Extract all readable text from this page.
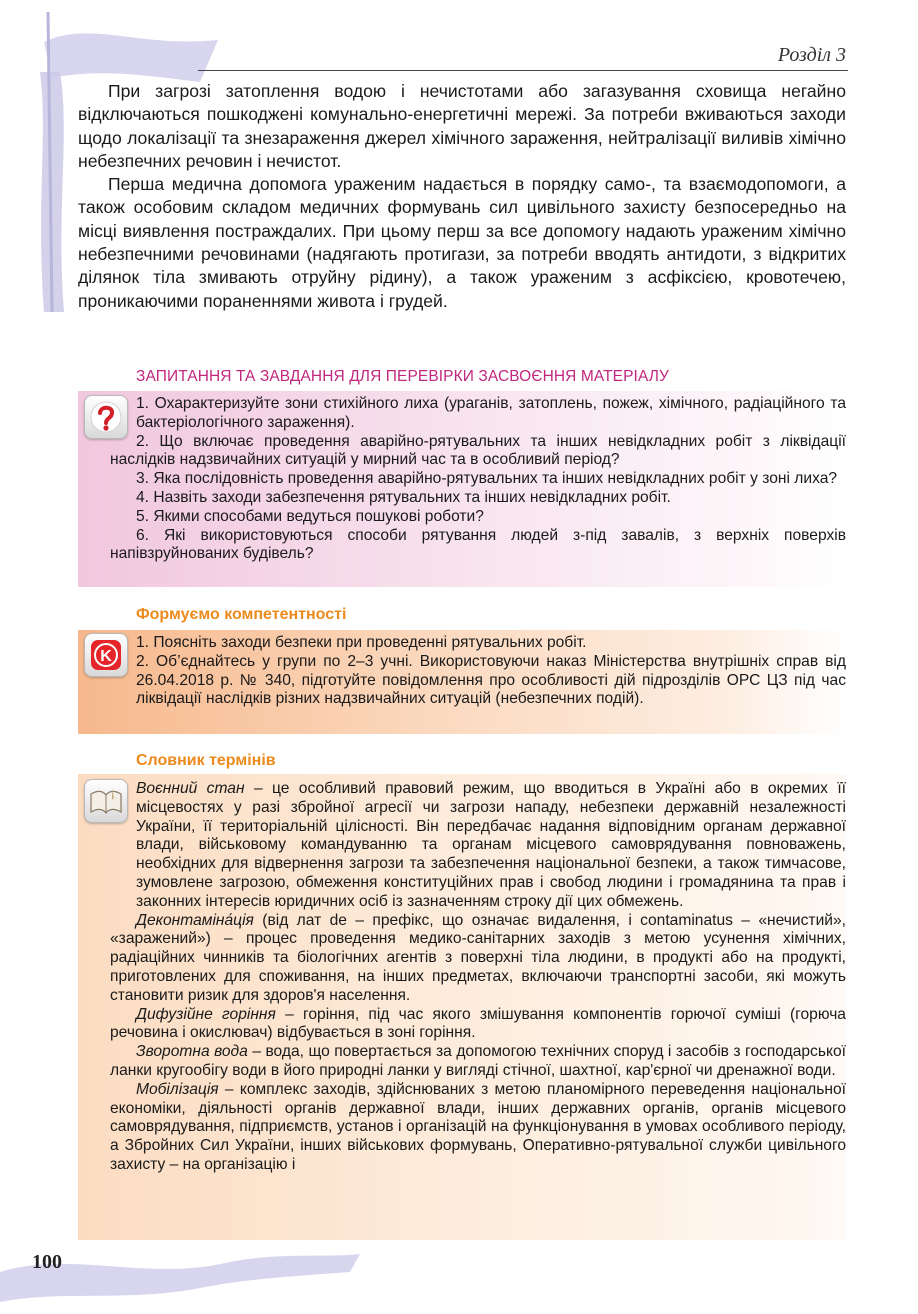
Розділ 3

При загрозі затоплення водою і нечистотами або загазування сховища негайно відключаються пошкоджені комунально-енергетичні мережі. За потреби вживаються заходи щодо локалізації та знезараження джерел хімічного зараження, нейтралізації виливів хімічно небезпечних речовин і нечистот.

Перша медична допомога ураженим надається в порядку само-, та взаємодопомоги, а також особовим складом медичних формувань сил цивільного захисту безпосередньо на місці виявлення постраждалих. При цьому перш за все допомогу надають ураженим хімічно небезпечними речовинами (надягають протигази, за потреби вводять антидоти, з відкритих ділянок тіла змивають отруйну рідину), а також ураженим з асфіксією, кровотечею, проникаючими пораненнями живота і грудей.

ЗАПИТАННЯ ТА ЗАВДАННЯ ДЛЯ ПЕРЕВІРКИ ЗАСВОЄННЯ МАТЕРІАЛУ
1. Охарактеризуйте зони стихійного лиха (ураганів, затоплень, пожеж, хімічного, радіаційного та бактеріологічного зараження).
2. Що включає проведення аварійно-рятувальних та інших невідкладних робіт з ліквідації наслідків надзвичайних ситуацій у мирний час та в особливий період?
3. Яка послідовність проведення аварійно-рятувальних та інших невідкладних робіт у зоні лиха?
4. Назвіть заходи забезпечення рятувальних та інших невідкладних робіт.
5. Якими способами ведуться пошукові роботи?
6. Які використовуються способи рятування людей з-під завалів, з верхніх поверхів напівзруйнованих будівель?
Формуємо компетентності
K
1. Поясніть заходи безпеки при проведенні рятувальних робіт.
2. Об’єднайтесь у групи по 2–3 учні. Використовуючи наказ Міністерства внутрішніх справ від 26.04.2018 р. № 340, підготуйте повідомлення про особливості дій підрозділів ОРС ЦЗ під час ліквідації наслідків різних надзвичайних ситуацій (небезпечних подій).
Словник термінів

Воєнний стан – це особливий правовий режим, що вводиться в Україні або в окремих її місцевостях у разі збройної агресії чи загрози нападу, небезпеки державній незалежності України, її територіальній цілісності. Він передбачає надання відповідним органам державної влади, військовому командуванню та органам місцевого самоврядування повноважень, необхідних для відвернення загрози та забезпечення національної безпеки, а також тимчасове, зумовлене загрозою, обмеження конституційних прав і свобод людини і громадянина та прав і законних інтересів юридичних осіб із зазначенням строку дії цих обмежень.

Деконтаміна́ція (від лат de – префікс, що означає видалення, і contaminatus – «нечистий», «заражений») – процес проведення медико-санітарних заходів з метою усунення хімічних, радіаційних чинників та біологічних агентів з поверхні тіла людини, в продукті або на продукті, приготовлених для споживання, на інших предметах, включаючи транспортні засоби, які можуть становити ризик для здоров'я населення.

Дифузійне горіння – горіння, під час якого змішування компонентів горючої суміші (горюча речовина і окислювач) відбувається в зоні горіння.

Зворотна вода – вода, що повертається за допомогою технічних споруд і засобів з господарської ланки кругообігу води в його природні ланки у вигляді стічної, шахтної, кар'єрної чи дренажної води.

Мобілізація – комплекс заходів, здійснюваних з метою планомірного переведення національної економіки, діяльності органів державної влади, інших державних органів, органів місцевого самоврядування, підприємств, установ і організацій на функціонування в умовах особливого періоду, а Збройних Сил України, інших військових формувань, Оперативно-рятувальної служби цивільного захисту – на організацію і

100
